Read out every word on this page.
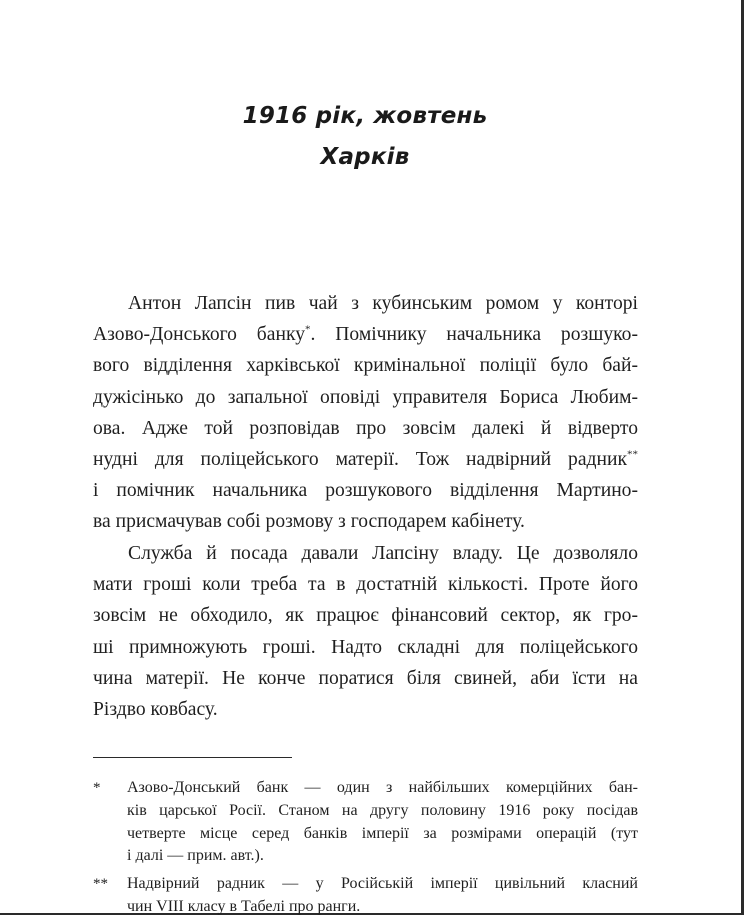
1916 рік, жовтень
Харків
Антон Лапсін пив чай з кубинським ромом у конторі
Азово-Донського банку*. Помічнику начальника розшуко-
вого відділення харківської кримінальної поліції було бай-
дужісінько до запальної оповіді управителя Бориса Любим-
ова. Адже той розповідав про зовсім далекі й відверто
нудні для поліцейського матерії. Тож надвірний радник**
і помічник начальника розшукового відділення Мартино-
ва присмачував собі розмову з господарем кабінету.
Служба й посада давали Лапсіну владу. Це дозволяло
мати гроші коли треба та в достатній кількості. Проте його
зовсім не обходило, як працює фінансовий сектор, як гро-
ші примножують гроші. Надто складні для поліцейського
чина матерії. Не конче поратися біля свиней, аби їсти на
Різдво ковбасу.
* Азово-Донський банк — один з найбільших комерційних бан-
ків царської Росії. Станом на другу половину 1916 року посідав
четверте місце серед банків імперії за розмірами операцій (тут
і далі — прим. авт.).
** Надвірний радник — у Російській імперії цивільний класний
чин VIII класу в Табелі про ранги.
